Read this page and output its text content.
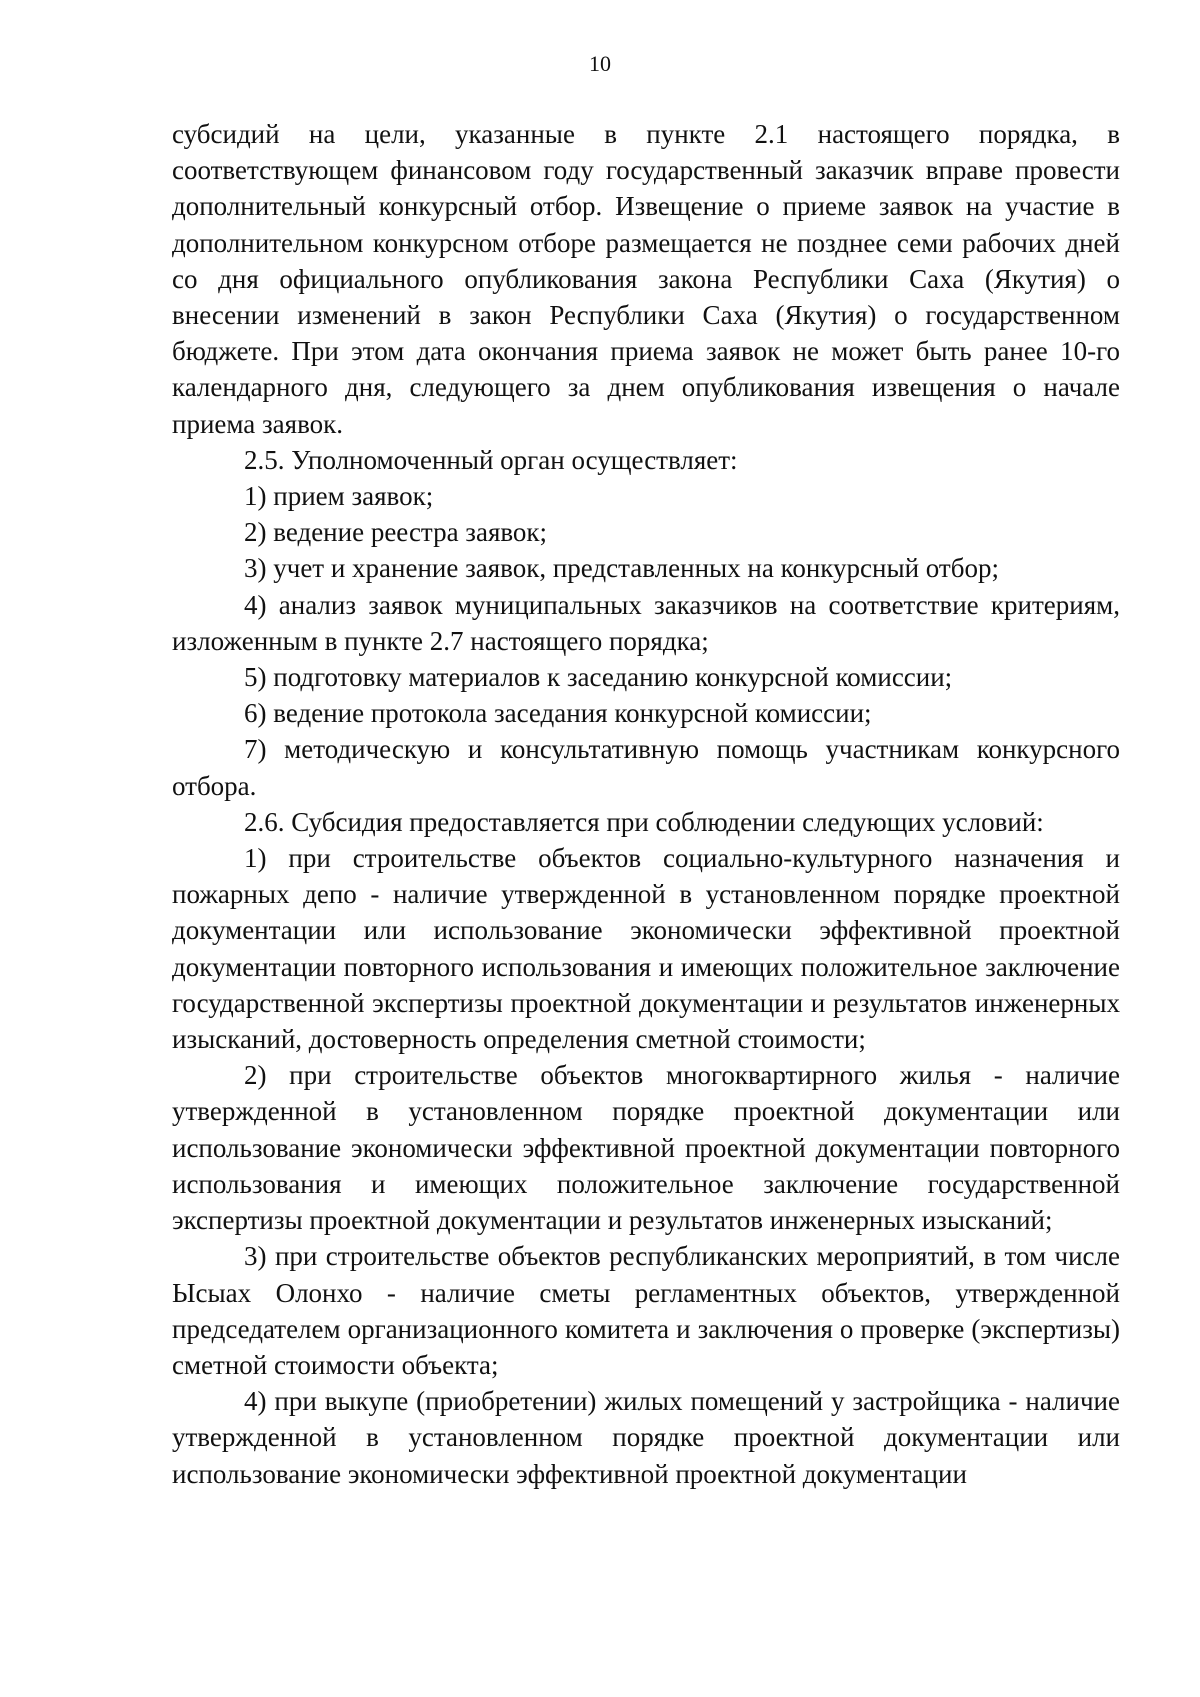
10

субсидий на цели, указанные в пункте 2.1 настоящего порядка, в соответствующем финансовом году государственный заказчик вправе провести дополнительный конкурсный отбор. Извещение о приеме заявок на участие в дополнительном конкурсном отборе размещается не позднее семи рабочих дней со дня официального опубликования закона Республики Саха (Якутия) о внесении изменений в закон Республики Саха (Якутия) о государственном бюджете. При этом дата окончания приема заявок не может быть ранее 10-го календарного дня, следующего за днем опубликования извещения о начале приема заявок.

2.5. Уполномоченный орган осуществляет:

1) прием заявок;

2) ведение реестра заявок;

3) учет и хранение заявок, представленных на конкурсный отбор;

4) анализ заявок муниципальных заказчиков на соответствие критериям, изложенным в пункте 2.7 настоящего порядка;

5) подготовку материалов к заседанию конкурсной комиссии;

6) ведение протокола заседания конкурсной комиссии;

7) методическую и консультативную помощь участникам конкурсного отбора.

2.6. Субсидия предоставляется при соблюдении следующих условий:

1) при строительстве объектов социально-культурного назначения и пожарных депо - наличие утвержденной в установленном порядке проектной документации или использование экономически эффективной проектной документации повторного использования и имеющих положительное заключение государственной экспертизы проектной документации и результатов инженерных изысканий, достоверность определения сметной стоимости;

2) при строительстве объектов многоквартирного жилья - наличие утвержденной в установленном порядке проектной документации или использование экономически эффективной проектной документации повторного использования и имеющих положительное заключение государственной экспертизы проектной документации и результатов инженерных изысканий;

3) при строительстве объектов республиканских мероприятий, в том числе Ысыах Олонхо - наличие сметы регламентных объектов, утвержденной председателем организационного комитета и заключения о проверке (экспертизы) сметной стоимости объекта;

4) при выкупе (приобретении) жилых помещений у застройщика - наличие утвержденной в установленном порядке проектной документации или использование экономически эффективной проектной документации
